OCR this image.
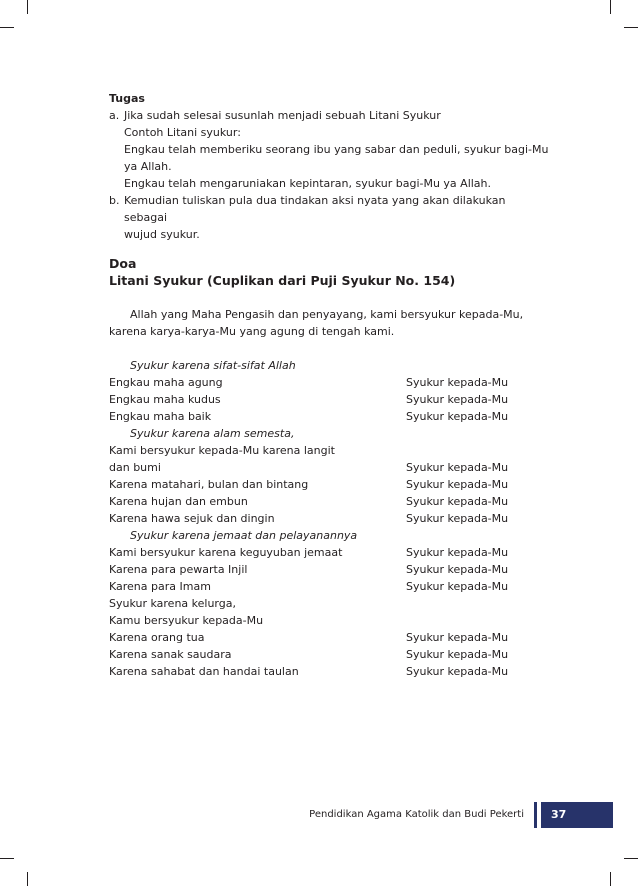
Tugas
a. Jika sudah selesai susunlah menjadi sebuah Litani Syukur
Contoh Litani syukur:
Engkau telah memberiku seorang ibu yang sabar dan peduli, syukur bagi-Mu
ya Allah.
Engkau telah mengaruniakan kepintaran, syukur bagi-Mu ya Allah.
b. Kemudian tuliskan pula dua tindakan aksi nyata yang akan dilakukan sebagai
wujud syukur.
Doa
Litani Syukur (Cuplikan dari Puji Syukur No. 154)
Allah yang Maha Pengasih dan penyayang, kami bersyukur kepada-Mu,
karena karya-karya-Mu yang agung di tengah kami.
Syukur karena sifat-sifat Allah
Engkau maha agung	Syukur kepada-Mu
Engkau maha kudus	Syukur kepada-Mu
Engkau maha baik	Syukur kepada-Mu
Syukur karena alam semesta,
Kami bersyukur kepada-Mu karena langit
dan bumi	Syukur kepada-Mu
Karena matahari, bulan dan bintang	Syukur kepada-Mu
Karena hujan dan embun	Syukur kepada-Mu
Karena hawa sejuk dan dingin	Syukur kepada-Mu
Syukur karena jemaat dan pelayanannya
Kami bersyukur karena keguyuban jemaat	Syukur kepada-Mu
Karena para pewarta Injil	Syukur kepada-Mu
Karena para Imam	Syukur kepada-Mu
Syukur karena kelurga,
Kamu bersyukur kepada-Mu
Karena orang tua	Syukur kepada-Mu
Karena sanak saudara	Syukur kepada-Mu
Karena sahabat dan handai taulan	Syukur kepada-Mu
Pendidikan Agama Katolik dan Budi Pekerti	37
